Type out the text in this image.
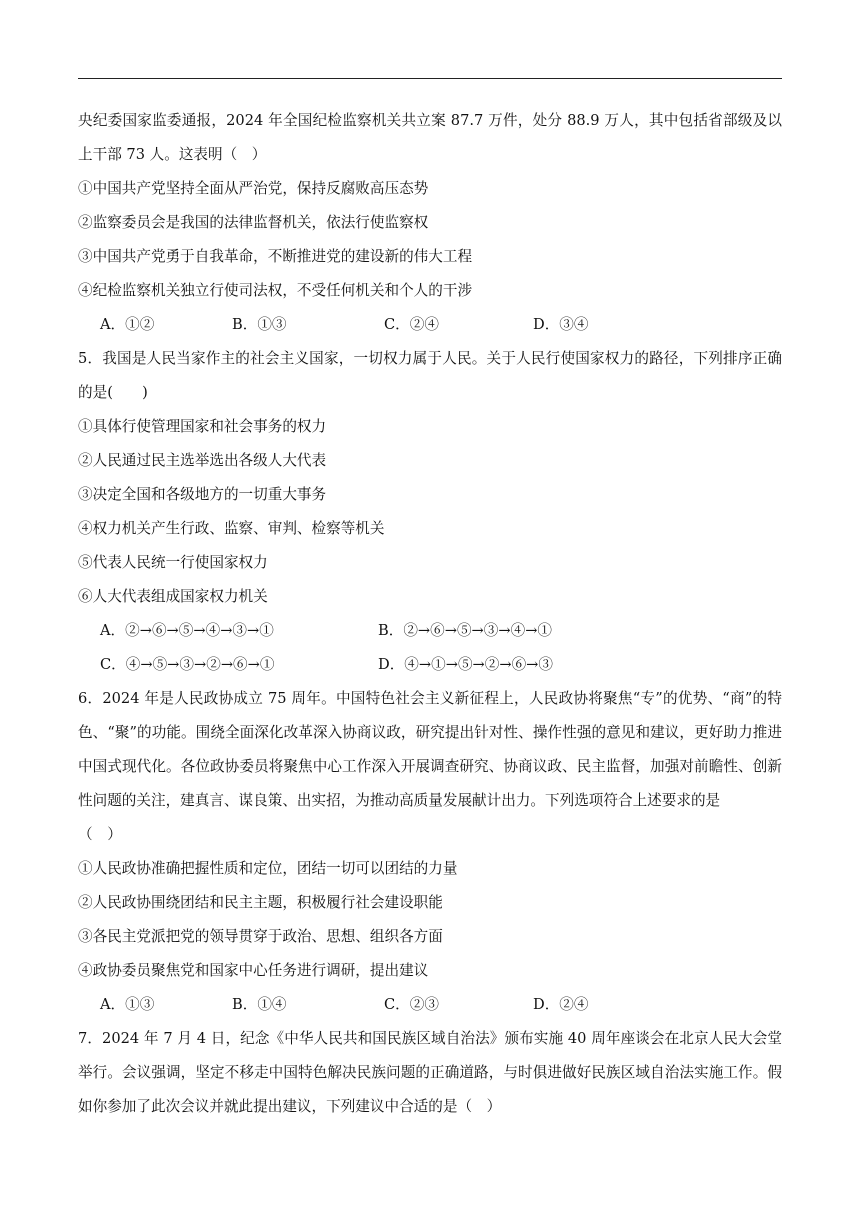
央纪委国家监委通报，2024 年全国纪检监察机关共立案 87.7 万件，处分 88.9 万人，其中包括省部级及以上干部 73 人。这表明（　）

①中国共产党坚持全面从严治党，保持反腐败高压态势

②监察委员会是我国的法律监督机关，依法行使监察权

③中国共产党勇于自我革命，不断推进党的建设新的伟大工程

④纪检监察机关独立行使司法权，不受任何机关和个人的干涉

A．①②	B．①③	C．②④	D．③④

5．我国是人民当家作主的社会主义国家，一切权力属于人民。关于人民行使国家权力的路径，下列排序正确的是(　　)

①具体行使管理国家和社会事务的权力

②人民通过民主选举选出各级人大代表

③决定全国和各级地方的一切重大事务

④权力机关产生行政、监察、审判、检察等机关

⑤代表人民统一行使国家权力

⑥人大代表组成国家权力机关

A．②→⑥→⑤→④→③→①	B．②→⑥→⑤→③→④→①
C．④→⑤→③→②→⑥→①	D．④→①→⑤→②→⑥→③

6．2024 年是人民政协成立 75 周年。中国特色社会主义新征程上，人民政协将聚焦“专”的优势、“商”的特色、“聚”的功能。围绕全面深化改革深入协商议政，研究提出针对性、操作性强的意见和建议，更好助力推进中国式现代化。各位政协委员将聚焦中心工作深入开展调查研究、协商议政、民主监督，加强对前瞻性、创新性问题的关注，建真言、谋良策、出实招，为推动高质量发展献计出力。下列选项符合上述要求的是

（　）

①人民政协准确把握性质和定位，团结一切可以团结的力量

②人民政协围绕团结和民主主题，积极履行社会建设职能

③各民主党派把党的领导贯穿于政治、思想、组织各方面

④政协委员聚焦党和国家中心任务进行调研，提出建议

A．①③	B．①④	C．②③	D．②④

7．2024 年 7 月 4 日，纪念《中华人民共和国民族区域自治法》颁布实施 40 周年座谈会在北京人民大会堂举行。会议强调，坚定不移走中国特色解决民族问题的正确道路，与时俱进做好民族区域自治法实施工作。假如你参加了此次会议并就此提出建议，下列建议中合适的是（　）
